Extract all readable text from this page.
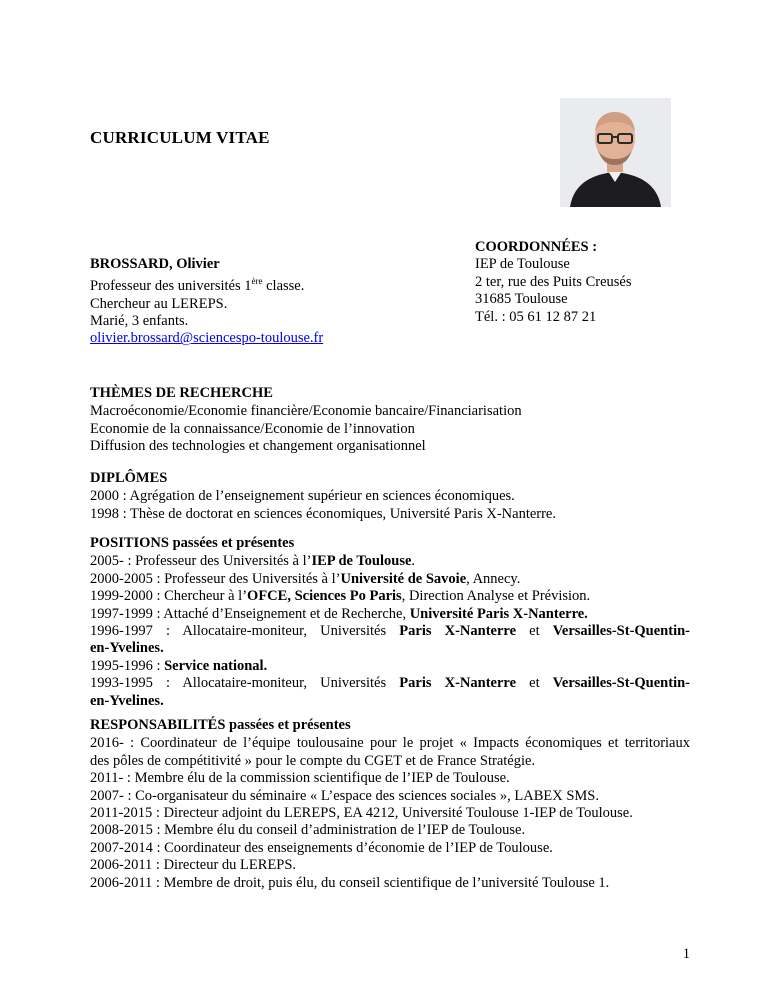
CURRICULUM VITAE
BROSSARD, Olivier
Professeur des universités 1ère classe.
Chercheur au LEREPS.
Marié, 3 enfants.
olivier.brossard@sciencespo-toulouse.fr
COORDONNÉES :
IEP de Toulouse
2 ter, rue des Puits Creusés
31685 Toulouse
Tél. : 05 61 12 87 21
THÈMES DE RECHERCHE
Macroéconomie/Economie financière/Economie bancaire/Financiarisation
Economie de la connaissance/Economie de l’innovation
Diffusion des technologies et changement organisationnel
DIPLÔMES
2000 : Agrégation de l’enseignement supérieur en sciences économiques.
1998 : Thèse de doctorat en sciences économiques, Université Paris X-Nanterre.
POSITIONS passées et présentes
2005- : Professeur des Universités à l’IEP de Toulouse.
2000-2005 : Professeur des Universités à l’Université de Savoie, Annecy.
1999-2000 : Chercheur à l’OFCE, Sciences Po Paris, Direction Analyse et Prévision.
1997-1999 : Attaché d’Enseignement et de Recherche, Université Paris X-Nanterre.
1996-1997 : Allocataire-moniteur, Universités Paris X-Nanterre et Versailles-St-Quentin-
en-Yvelines.
1995-1996 : Service national.
1993-1995 : Allocataire-moniteur, Universités Paris X-Nanterre et Versailles-St-Quentin-
en-Yvelines.
RESPONSABILITÉS passées et présentes
2016- : Coordinateur de l’équipe toulousaine pour le projet « Impacts économiques et territoriaux
des pôles de compétitivité » pour le compte du CGET et de France Stratégie.
2011- : Membre élu de la commission scientifique de l’IEP de Toulouse.
2007- : Co-organisateur du séminaire « L’espace des sciences sociales », LABEX SMS.
2011-2015 : Directeur adjoint du LEREPS, EA 4212, Université Toulouse 1-IEP de Toulouse.
2008-2015 : Membre élu du conseil d’administration de l’IEP de Toulouse.
2007-2014 : Coordinateur des enseignements d’économie de l’IEP de Toulouse.
2006-2011 : Directeur du LEREPS.
2006-2011 : Membre de droit, puis élu, du conseil scientifique de l’université Toulouse 1.
1
